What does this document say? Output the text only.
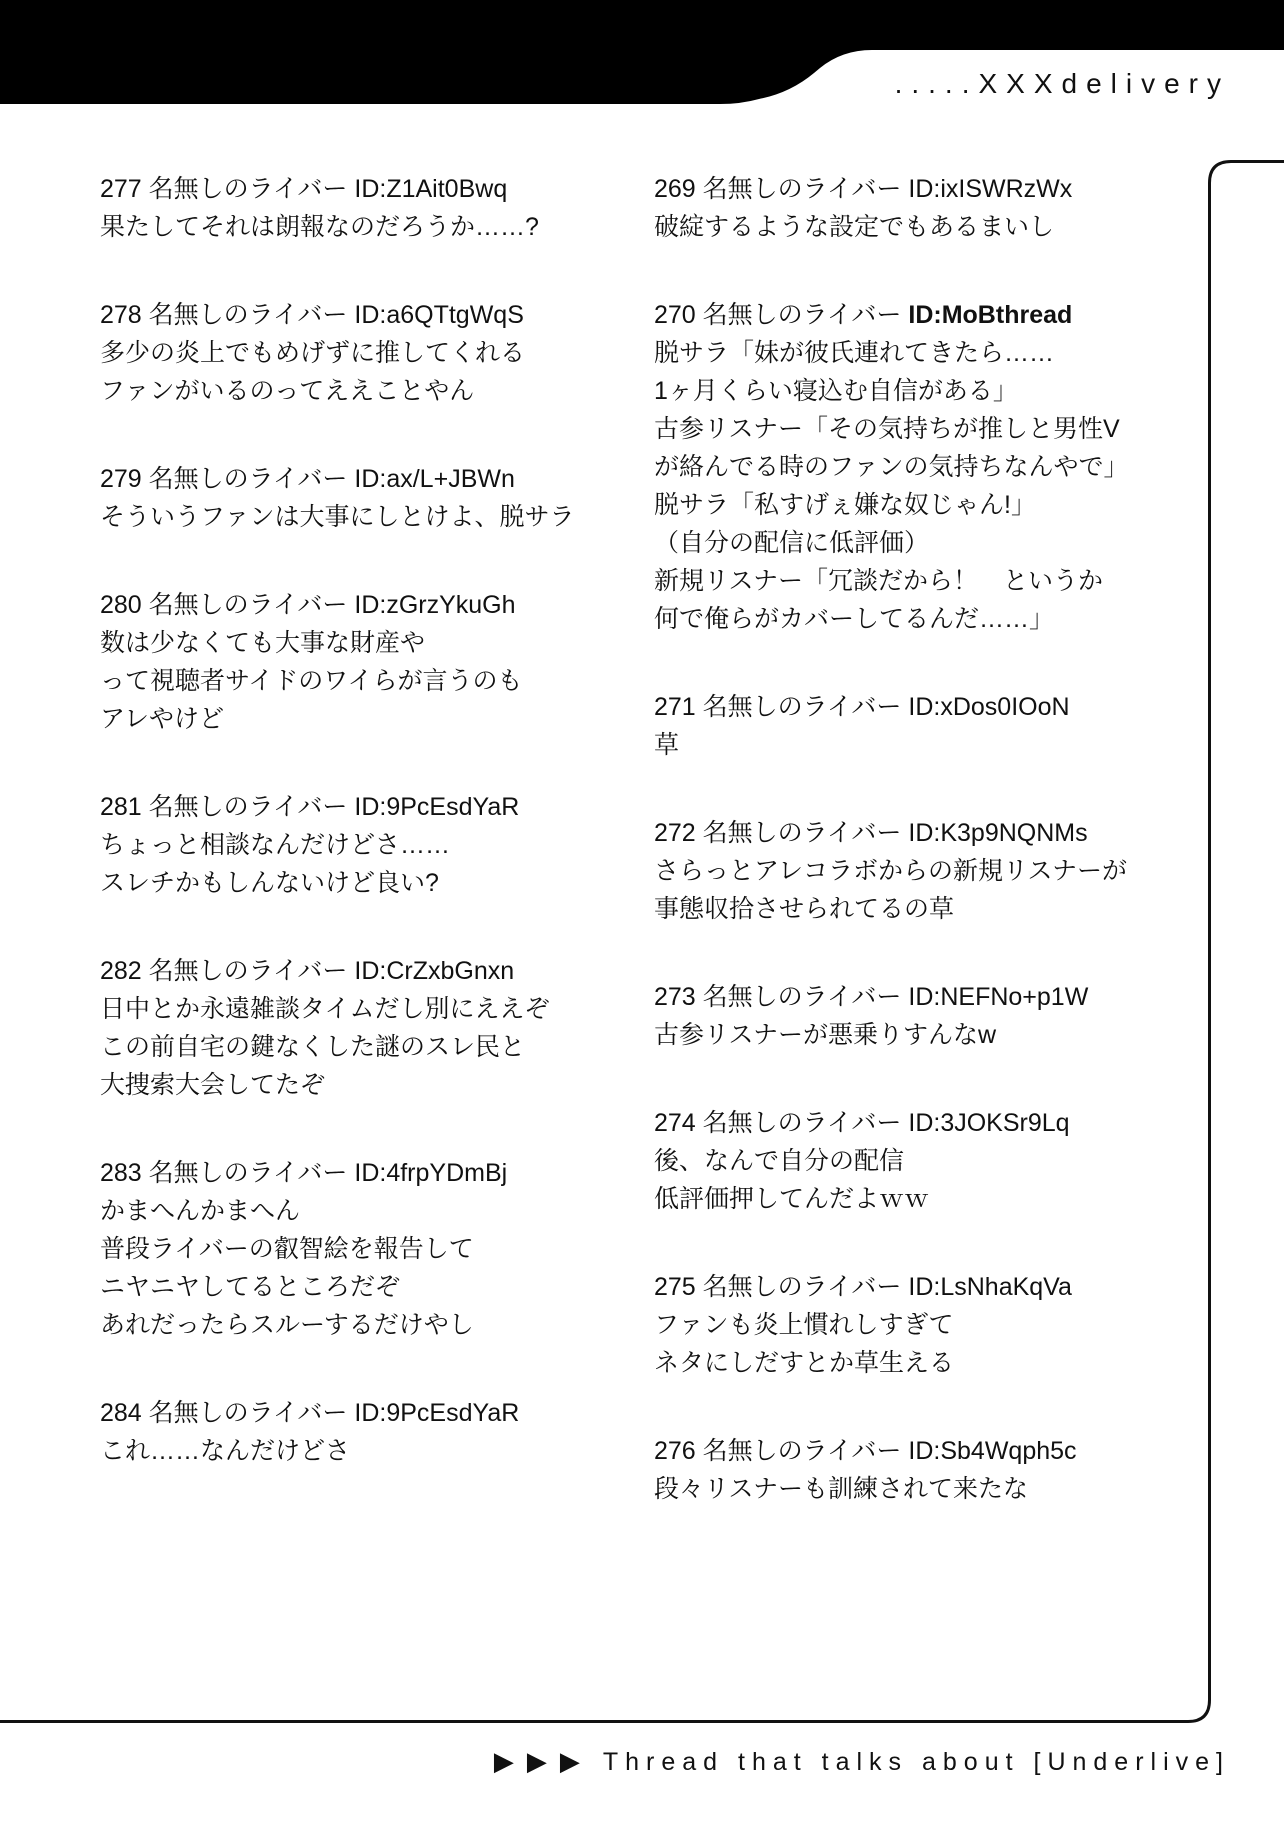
.....XXXdelivery

277 名無しのライバー ID:Z1Ait0Bwq

果たしてそれは朗報なのだろうか……?

278 名無しのライバー ID:a6QTtgWqS

多少の炎上でもめげずに推してくれる

ファンがいるのってええことやん

279 名無しのライバー ID:ax/L+JBWn

そういうファンは大事にしとけよ、脱サラ

280 名無しのライバー ID:zGrzYkuGh

数は少なくても大事な財産や

って視聴者サイドのワイらが言うのも

アレやけど

281 名無しのライバー ID:9PcEsdYaR

ちょっと相談なんだけどさ……

スレチかもしんないけど良い?

282 名無しのライバー ID:CrZxbGnxn

日中とか永遠雑談タイムだし別にええぞ

この前自宅の鍵なくした謎のスレ民と

大捜索大会してたぞ

283 名無しのライバー ID:4frpYDmBj

かまへんかまへん

普段ライバーの叡智絵を報告して

ニヤニヤしてるところだぞ

あれだったらスルーするだけやし

284 名無しのライバー ID:9PcEsdYaR

これ……なんだけどさ

269 名無しのライバー ID:ixISWRzWx

破綻するような設定でもあるまいし

270 名無しのライバー ID:MoBthread

脱サラ「妹が彼氏連れてきたら……

1ヶ月くらい寝込む自信がある」

古参リスナー「その気持ちが推しと男性V

が絡んでる時のファンの気持ちなんやで」

脱サラ「私すげぇ嫌な奴じゃん!」

（自分の配信に低評価）

新規リスナー「冗談だから！　というか

何で俺らがカバーしてるんだ……」

271 名無しのライバー ID:xDos0IOoN

草

272 名無しのライバー ID:K3p9NQNMs

さらっとアレコラボからの新規リスナーが

事態収拾させられてるの草

273 名無しのライバー ID:NEFNo+p1W

古参リスナーが悪乗りすんなw

274 名無しのライバー ID:3JOKSr9Lq

後、なんで自分の配信

低評価押してんだよｗｗ

275 名無しのライバー ID:LsNhaKqVa

ファンも炎上慣れしすぎて

ネタにしだすとか草生える

276 名無しのライバー ID:Sb4Wqph5c

段々リスナーも訓練されて来たな

▶▶▶ Thread that talks about [Underlive]
